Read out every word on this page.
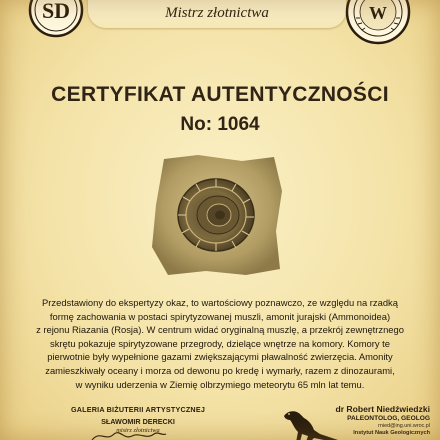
SD	Mistrz złotnictwa	W
CERTYFIKAT AUTENTYCZNOŚCI
No: 1064
Przedstawiony do ekspertyzy okaz, to wartościowy poznawczo, ze względu na rzadką
formę zachowania w postaci spirytyzowanej muszli, amonit jurajski (Ammonoidea)
z rejonu Riazania (Rosja). W centrum widać oryginalną muszlę, a przekrój zewnętrznego
skrętu pokazuje spirytyzowane przegrody, dzielące wnętrze na komory. Komory te
pierwotnie były wypełnione gazami zwiększającymi pławalność zwierzęcia. Amonity
zamieszkiwały oceany i morza od dewonu po kredę i wymarły, razem z dinozaurami,
w wyniku uderzenia w Ziemię olbrzymiego meteorytu 65 mln lat temu.
GALERIA BIŻUTERII ARTYSTYCZNEJ
SŁAWOMIR DERECKI
mistrz złotnictwa
dr Robert Niedźwiedzki
PALEONTOLOG, GEOLOG
rnied@ing.uni.wroc.pl
Instytut Nauk Geologicznych
